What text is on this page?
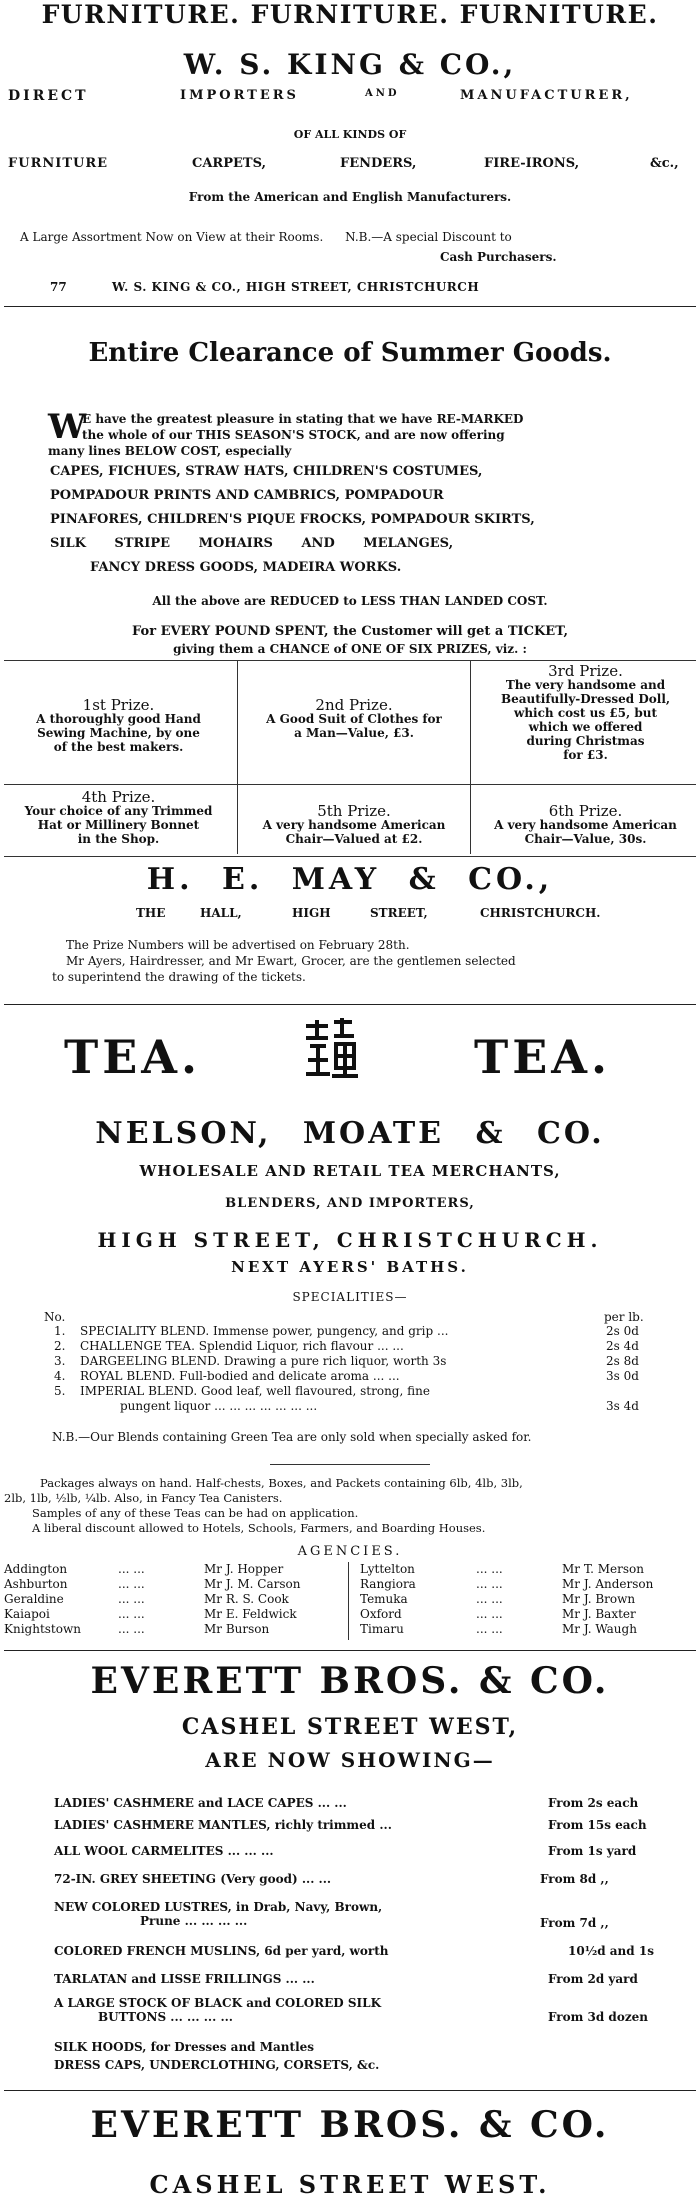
FURNITURE. FURNITURE. FURNITURE.
W. S. KING & CO.,
DIRECT	IMPORTERS	AND	MANUFACTURER,
OF ALL KINDS OF
FURNITURE	CARPETS,	FENDERS,	FIRE-IRONS,	&c.,
From the American and English Manufacturers.
A Large Assortment Now on View at their Rooms. N.B.—A special Discount to
Cash Purchasers.
77	W. S. KING & CO., HIGH STREET, CHRISTCHURCH
Entire Clearance of Summer Goods.
W
E have the greatest pleasure in stating that we have RE-MARKED
the whole of our THIS SEASON'S STOCK, and are now offering
many lines BELOW COST, especially
CAPES, FICHUES, STRAW HATS, CHILDREN'S COSTUMES,
POMPADOUR PRINTS AND CAMBRICS, POMPADOUR
PINAFORES, CHILDREN'S PIQUE FROCKS, POMPADOUR SKIRTS,
SILK STRIPE MOHAIRS AND MELANGES,
FANCY DRESS GOODS, MADEIRA WORKS.
All the above are REDUCED to LESS THAN LANDED COST.
For EVERY POUND SPENT, the Customer will get a TICKET,
giving them a CHANCE of ONE OF SIX PRIZES, viz. :
1st Prize.
A thoroughly good Hand
Sewing Machine, by one
of the best makers.
2nd Prize.
A Good Suit of Clothes for
a Man—Value, £3.
3rd Prize.
The very handsome and
Beautifully-Dressed Doll,
which cost us £5, but
which we offered
during Christmas
for £3.
4th Prize.
Your choice of any Trimmed
Hat or Millinery Bonnet
in the Shop.
5th Prize.
A very handsome American
Chair—Valued at £2.
6th Prize.
A very handsome American
Chair—Value, 30s.
H. E. MAY & CO.,
THE	HALL,	HIGH	STREET,	CHRISTCHURCH.
The Prize Numbers will be advertised on February 28th.
Mr Ayers, Hairdresser, and Mr Ewart, Grocer, are the gentlemen selected
to superintend the drawing of the tickets.
TEA.	TEA.
NELSON, MOATE & CO.
WHOLESALE AND RETAIL TEA MERCHANTS,
BLENDERS, AND IMPORTERS,
HIGH STREET, CHRISTCHURCH.
NEXT AYERS' BATHS.
SPECIALITIES—
No.	per lb.
1. SPECIALITY BLEND. Immense power, pungency, and grip ...	2s 0d
2. CHALLENGE TEA. Splendid Liquor, rich flavour ... ...	2s 4d
3. DARGEELING BLEND. Drawing a pure rich liquor, worth 3s	2s 8d
4. ROYAL BLEND. Full-bodied and delicate aroma ... ...	3s 0d
5. IMPERIAL BLEND. Good leaf, well flavoured, strong, fine
pungent liquor ... ... ... ... ... ... ...	3s 4d
N.B.—Our Blends containing Green Tea are only sold when specially asked for.
Packages always on hand. Half-chests, Boxes, and Packets containing 6lb, 4lb, 3lb,
2lb, 1lb, ½lb, ¼lb. Also, in Fancy Tea Canisters.
Samples of any of these Teas can be had on application.
A liberal discount allowed to Hotels, Schools, Farmers, and Boarding Houses.
AGENCIES.
Addington	... ...	Mr J. Hopper
Ashburton	... ...	Mr J. M. Carson
Geraldine	... ...	Mr R. S. Cook
Kaiapoi	... ...	Mr E. Feldwick
Knightstown	... ...	Mr Burson
Lyttelton	... ...	Mr T. Merson
Rangiora	... ...	Mr J. Anderson
Temuka	... ...	Mr J. Brown
Oxford	... ...	Mr J. Baxter
Timaru	... ...	Mr J. Waugh
EVERETT BROS. & CO.
CASHEL STREET WEST,
ARE NOW SHOWING—
LADIES' CASHMERE and LACE CAPES ... ...	From 2s each
LADIES' CASHMERE MANTLES, richly trimmed ...	From 15s each
ALL WOOL CARMELITES ... ... ...	From 1s yard
72-IN. GREY SHEETING (Very good) ... ...	From 8d ,,
NEW COLORED LUSTRES, in Drab, Navy, Brown,
Prune ... ... ... ...	From 7d ,,
COLORED FRENCH MUSLINS, 6d per yard, worth	10½d and 1s
TARLATAN and LISSE FRILLINGS ... ...	From 2d yard
A LARGE STOCK OF BLACK and COLORED SILK
BUTTONS ... ... ... ...	From 3d dozen
SILK HOODS, for Dresses and Mantles
DRESS CAPS, UNDERCLOTHING, CORSETS, &c.
EVERETT BROS. & CO.
CASHEL STREET WEST.
